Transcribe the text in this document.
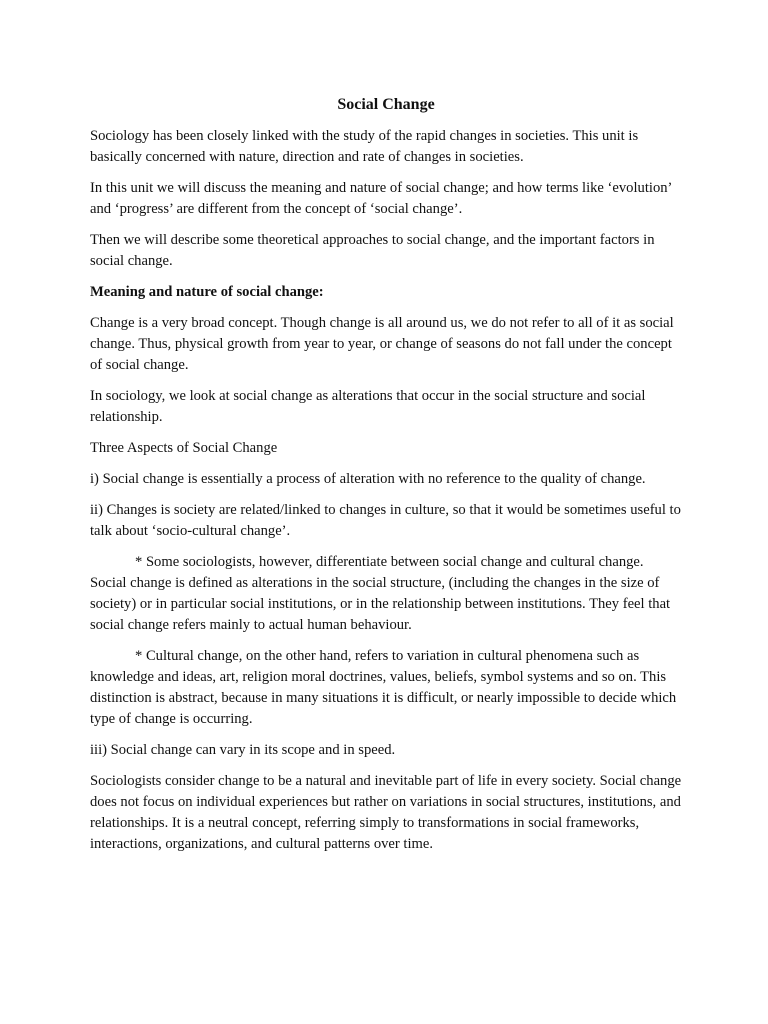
Social Change

Sociology has been closely linked with the study of the rapid changes in societies. This unit is basically concerned with nature, direction and rate of changes in societies.

In this unit we will discuss the meaning and nature of social change; and how terms like ‘evolution’ and ‘progress’ are different from the concept of ‘social change’.

Then we will describe some theoretical approaches to social change, and the important factors in social change.

Meaning and nature of social change:

Change is a very broad concept. Though change is all around us, we do not refer to all of it as social change. Thus, physical growth from year to year, or change of seasons do not fall under the concept of social change.

In sociology, we look at social change as alterations that occur in the social structure and social relationship.

Three Aspects of Social Change

i) Social change is essentially a process of alteration with no reference to the quality of change.

ii) Changes is society are related/linked to changes in culture, so that it would be sometimes useful to talk about ‘socio-cultural change’.

* Some sociologists, however, differentiate between social change and cultural change. Social change is defined as alterations in the social structure, (including the changes in the size of society) or in particular social institutions, or in the relationship between institutions. They feel that social change refers mainly to actual human behaviour.

* Cultural change, on the other hand, refers to variation in cultural phenomena such as knowledge and ideas, art, religion moral doctrines, values, beliefs, symbol systems and so on. This distinction is abstract, because in many situations it is difficult, or nearly impossible to decide which type of change is occurring.

iii) Social change can vary in its scope and in speed.

Sociologists consider change to be a natural and inevitable part of life in every society. Social change does not focus on individual experiences but rather on variations in social structures, institutions, and relationships. It is a neutral concept, referring simply to transformations in social frameworks, interactions, organizations, and cultural patterns over time.
